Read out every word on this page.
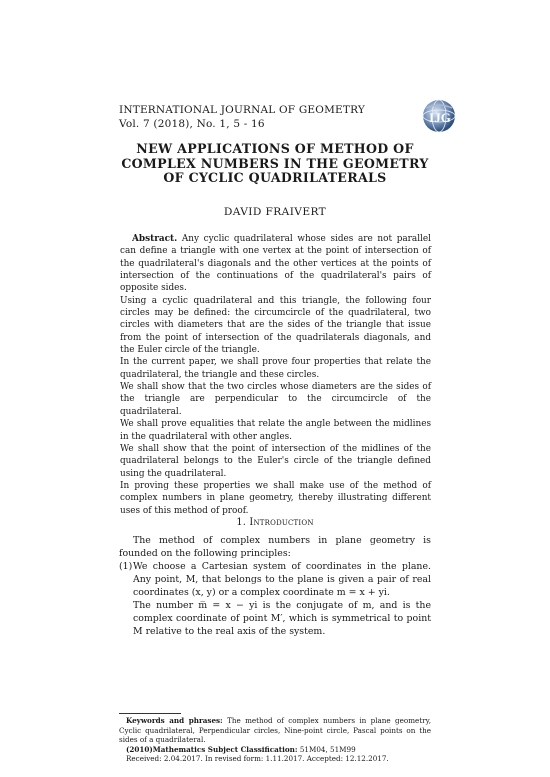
INTERNATIONAL JOURNAL OF GEOMETRY
Vol. 7 (2018), No. 1, 5 - 16	IJG
NEW APPLICATIONS OF METHOD OF
COMPLEX NUMBERS IN THE GEOMETRY
OF CYCLIC QUADRILATERALS
DAVID FRAIVERT

Abstract. Any cyclic quadrilateral whose sides are not parallel can define a triangle with one vertex at the point of intersection of the quadrilateral's diagonals and the other vertices at the points of intersection of the continuations of the quadrilateral's pairs of opposite sides.

Using a cyclic quadrilateral and this triangle, the following four circles may be defined: the circumcircle of the quadrilateral, two circles with diameters that are the sides of the triangle that issue from the point of intersection of the quadrilaterals diagonals, and the Euler circle of the triangle.

In the current paper, we shall prove four properties that relate the quadrilateral, the triangle and these circles.

We shall show that the two circles whose diameters are the sides of the triangle are perpendicular to the circumcircle of the quadrilateral.

We shall prove equalities that relate the angle between the midlines in the quadrilateral with other angles.

We shall show that the point of intersection of the midlines of the quadrilateral belongs to the Euler's circle of the triangle defined using the quadrilateral.

In proving these properties we shall make use of the method of complex numbers in plane geometry, thereby illustrating different uses of this method of proof.

1. Introduction

The method of complex numbers in plane geometry is founded on the following principles:

(1) We choose a Cartesian system of coordinates in the plane. Any point, M, that belongs to the plane is given a pair of real coordinates (x, y) or a complex coordinate m = x + yi.
The number m̅ = x − yi is the conjugate of m, and is the complex coordinate of point M′, which is symmetrical to point M relative to the real axis of the system.

Keywords and phrases: The method of complex numbers in plane geometry, Cyclic quadrilateral, Perpendicular circles, Nine-point circle, Pascal points on the sides of a quadrilateral.

(2010)Mathematics Subject Classification: 51M04, 51M99

Received: 2.04.2017. In revised form: 1.11.2017. Accepted: 12.12.2017.
